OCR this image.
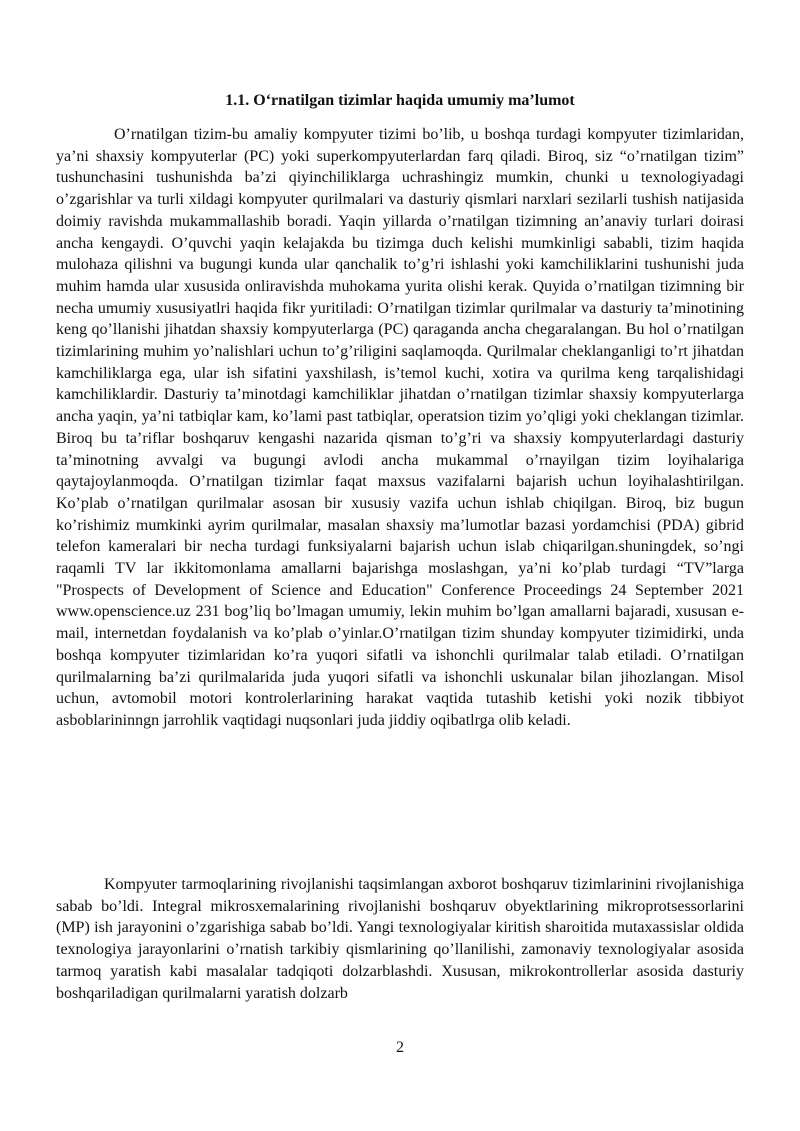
1.1. O‘rnatilgan tizimlar haqida umumiy ma’lumot

O’rnatilgan tizim-bu amaliy kompyuter tizimi bo’lib, u boshqa turdagi kompyuter tizimlaridan, ya’ni shaxsiy kompyuterlar (PC) yoki superkompyuterlardan farq qiladi. Biroq, siz “o’rnatilgan tizim” tushunchasini tushunishda ba’zi qiyinchiliklarga uchrashingiz mumkin, chunki u texnologiyadagi o’zgarishlar va turli xildagi kompyuter qurilmalari va dasturiy qismlari narxlari sezilarli tushish natijasida doimiy ravishda mukammallashib boradi. Yaqin yillarda o’rnatilgan tizimning an’anaviy turlari doirasi ancha kengaydi. O’quvchi yaqin kelajakda bu tizimga duch kelishi mumkinligi sababli, tizim haqida mulohaza qilishni va bugungi kunda ular qanchalik to’g’ri ishlashi yoki kamchiliklarini tushunishi juda muhim hamda ular xususida onliravishda muhokama yurita olishi kerak. Quyida o’rnatilgan tizimning bir necha umumiy xususiyatlri haqida fikr yuritiladi: O’rnatilgan tizimlar qurilmalar va dasturiy ta’minotining keng qo’llanishi jihatdan shaxsiy kompyuterlarga (PC) qaraganda ancha chegaralangan. Bu hol o’rnatilgan tizimlarining muhim yo’nalishlari uchun to’g’riligini saqlamoqda. Qurilmalar cheklanganligi to’rt jihatdan kamchiliklarga ega, ular ish sifatini yaxshilash, is’temol kuchi, xotira va qurilma keng tarqalishidagi kamchiliklardir. Dasturiy ta’minotdagi kamchiliklar jihatdan o’rnatilgan tizimlar shaxsiy kompyuterlarga ancha yaqin, ya’ni tatbiqlar kam, ko’lami past tatbiqlar, operatsion tizim yo’qligi yoki cheklangan tizimlar. Biroq bu ta’riflar boshqaruv kengashi nazarida qisman to’g’ri va shaxsiy kompyuterlardagi dasturiy ta’minotning avvalgi va bugungi avlodi ancha mukammal o’rnayilgan tizim loyihalariga qaytajoylanmoqda. O’rnatilgan tizimlar faqat maxsus vazifalarni bajarish uchun loyihalashtirilgan. Ko’plab o’rnatilgan qurilmalar asosan bir xususiy vazifa uchun ishlab chiqilgan. Biroq, biz bugun ko’rishimiz mumkinki ayrim qurilmalar, masalan shaxsiy ma’lumotlar bazasi yordamchisi (PDA) gibrid telefon kameralari bir necha turdagi funksiyalarni bajarish uchun islab chiqarilgan.shuningdek, so’ngi raqamli TV lar ikkitomonlama amallarni bajarishga moslashgan, ya’ni ko’plab turdagi “TV”larga "Prospects of Development of Science and Education" Conference Proceedings 24 September 2021 www.openscience.uz 231 bog’liq bo’lmagan umumiy, lekin muhim bo’lgan amallarni bajaradi, xususan e-mail, internetdan foydalanish va ko’plab o’yinlar.O’rnatilgan tizim shunday kompyuter tizimidirki, unda boshqa kompyuter tizimlaridan ko’ra yuqori sifatli va ishonchli qurilmalar talab etiladi. O’rnatilgan qurilmalarning ba’zi qurilmalarida juda yuqori sifatli va ishonchli uskunalar bilan jihozlangan. Misol uchun, avtomobil motori kontrolerlarining harakat vaqtida tutashib ketishi yoki nozik tibbiyot asboblarininngn jarrohlik vaqtidagi nuqsonlari juda jiddiy oqibatlrga olib keladi.

Kompyuter tarmoqlarining rivojlanishi taqsimlangan axborot boshqaruv tizimlarinini rivojlanishiga sabab bo’ldi. Integral mikrosxemalarining rivojlanishi boshqaruv obyektlarining mikroprotsessorlarini (MP) ish jarayonini o’zgarishiga sabab bo’ldi. Yangi texnologiyalar kiritish sharoitida mutaxassislar oldida texnologiya jarayonlarini o’rnatish tarkibiy qismlarining qo’llanilishi, zamonaviy texnologiyalar asosida tarmoq yaratish kabi masalalar tadqiqoti dolzarblashdi. Xususan, mikrokontrollerlar asosida dasturiy boshqariladigan qurilmalarni yaratish dolzarb

2
